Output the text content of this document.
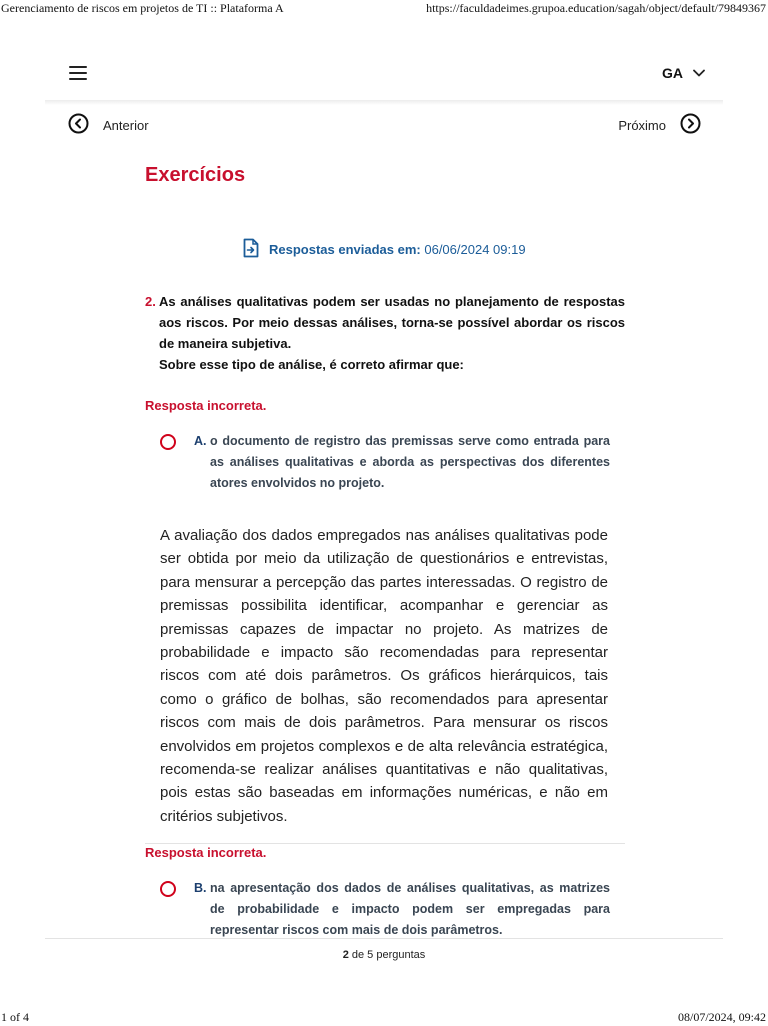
Gerenciamento de riscos em projetos de TI :: Plataforma A	https://faculdadeimes.grupoa.education/sagah/object/default/79849367
GA
Anterior	Próximo
Exercícios
Respostas enviadas em: 06/06/2024 09:19
2. As análises qualitativas podem ser usadas no planejamento de respostas aos riscos. Por meio dessas análises, torna-se possível abordar os riscos de maneira subjetiva.
Sobre esse tipo de análise, é correto afirmar que:
Resposta incorreta.
A. o documento de registro das premissas serve como entrada para as análises qualitativas e aborda as perspectivas dos diferentes atores envolvidos no projeto.
A avaliação dos dados empregados nas análises qualitativas pode ser obtida por meio da utilização de questionários e entrevistas, para mensurar a percepção das partes interessadas. O registro de premissas possibilita identificar, acompanhar e gerenciar as premissas capazes de impactar no projeto. As matrizes de probabilidade e impacto são recomendadas para representar riscos com até dois parâmetros. Os gráficos hierárquicos, tais como o gráfico de bolhas, são recomendados para apresentar riscos com mais de dois parâmetros. Para mensurar os riscos envolvidos em projetos complexos e de alta relevância estratégica, recomenda-se realizar análises quantitativas e não qualitativas, pois estas são baseadas em informações numéricas, e não em critérios subjetivos.
Resposta incorreta.
B. na apresentação dos dados de análises qualitativas, as matrizes de probabilidade e impacto podem ser empregadas para representar riscos com mais de dois parâmetros.
2 de 5 perguntas
1 of 4	08/07/2024, 09:42
